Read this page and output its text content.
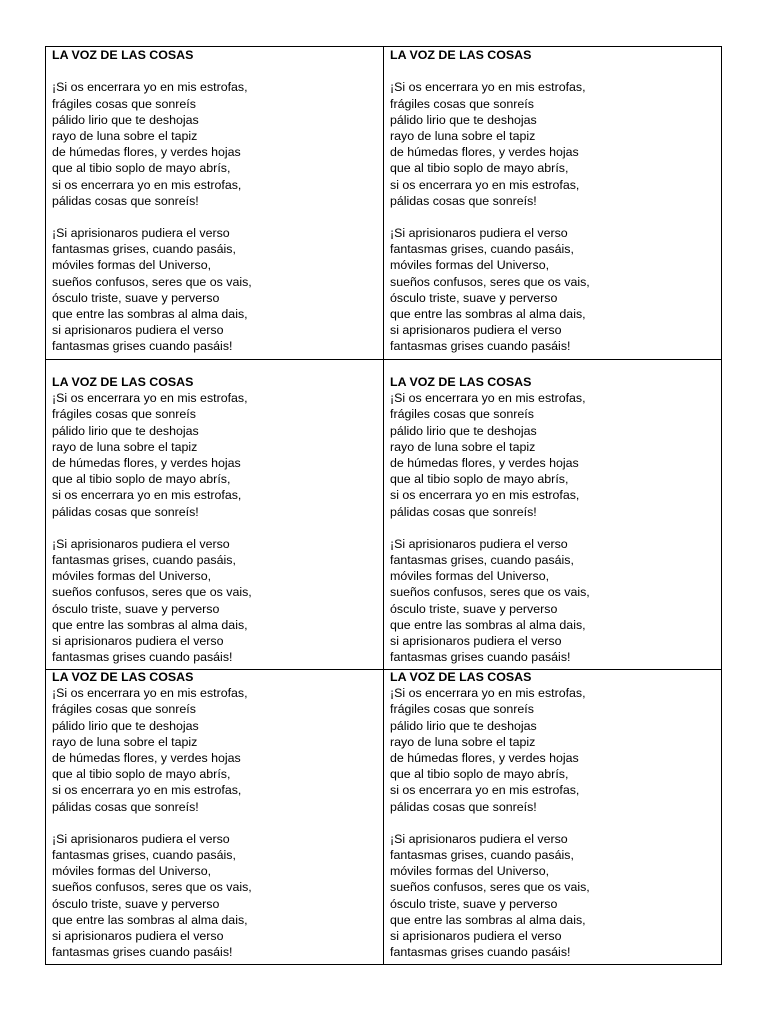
LA VOZ DE LAS COSAS
¡Si os encerrara yo en mis estrofas,
frágiles cosas que sonreís
pálido lirio que te deshojas
rayo de luna sobre el tapiz
de húmedas flores, y verdes hojas
que al tibio soplo de mayo abrís,
si os encerrara yo en mis estrofas,
pálidas cosas que sonreís!
¡Si aprisionaros pudiera el verso
fantasmas grises, cuando pasáis,
móviles formas del Universo,
sueños confusos, seres que os vais,
ósculo triste, suave y perverso
que entre las sombras al alma dais,
si aprisionaros pudiera el verso
fantasmas grises cuando pasáis!
LA VOZ DE LAS COSAS
¡Si os encerrara yo en mis estrofas,
frágiles cosas que sonreís
pálido lirio que te deshojas
rayo de luna sobre el tapiz
de húmedas flores, y verdes hojas
que al tibio soplo de mayo abrís,
si os encerrara yo en mis estrofas,
pálidas cosas que sonreís!
¡Si aprisionaros pudiera el verso
fantasmas grises, cuando pasáis,
móviles formas del Universo,
sueños confusos, seres que os vais,
ósculo triste, suave y perverso
que entre las sombras al alma dais,
si aprisionaros pudiera el verso
fantasmas grises cuando pasáis!
LA VOZ DE LAS COSAS
¡Si os encerrara yo en mis estrofas,
frágiles cosas que sonreís
pálido lirio que te deshojas
rayo de luna sobre el tapiz
de húmedas flores, y verdes hojas
que al tibio soplo de mayo abrís,
si os encerrara yo en mis estrofas,
pálidas cosas que sonreís!
¡Si aprisionaros pudiera el verso
fantasmas grises, cuando pasáis,
móviles formas del Universo,
sueños confusos, seres que os vais,
ósculo triste, suave y perverso
que entre las sombras al alma dais,
si aprisionaros pudiera el verso
fantasmas grises cuando pasáis!
LA VOZ DE LAS COSAS
¡Si os encerrara yo en mis estrofas,
frágiles cosas que sonreís
pálido lirio que te deshojas
rayo de luna sobre el tapiz
de húmedas flores, y verdes hojas
que al tibio soplo de mayo abrís,
si os encerrara yo en mis estrofas,
pálidas cosas que sonreís!
¡Si aprisionaros pudiera el verso
fantasmas grises, cuando pasáis,
móviles formas del Universo,
sueños confusos, seres que os vais,
ósculo triste, suave y perverso
que entre las sombras al alma dais,
si aprisionaros pudiera el verso
fantasmas grises cuando pasáis!
LA VOZ DE LAS COSAS
¡Si os encerrara yo en mis estrofas,
frágiles cosas que sonreís
pálido lirio que te deshojas
rayo de luna sobre el tapiz
de húmedas flores, y verdes hojas
que al tibio soplo de mayo abrís,
si os encerrara yo en mis estrofas,
pálidas cosas que sonreís!
¡Si aprisionaros pudiera el verso
fantasmas grises, cuando pasáis,
móviles formas del Universo,
sueños confusos, seres que os vais,
ósculo triste, suave y perverso
que entre las sombras al alma dais,
si aprisionaros pudiera el verso
fantasmas grises cuando pasáis!
LA VOZ DE LAS COSAS
¡Si os encerrara yo en mis estrofas,
frágiles cosas que sonreís
pálido lirio que te deshojas
rayo de luna sobre el tapiz
de húmedas flores, y verdes hojas
que al tibio soplo de mayo abrís,
si os encerrara yo en mis estrofas,
pálidas cosas que sonreís!
¡Si aprisionaros pudiera el verso
fantasmas grises, cuando pasáis,
móviles formas del Universo,
sueños confusos, seres que os vais,
ósculo triste, suave y perverso
que entre las sombras al alma dais,
si aprisionaros pudiera el verso
fantasmas grises cuando pasáis!
